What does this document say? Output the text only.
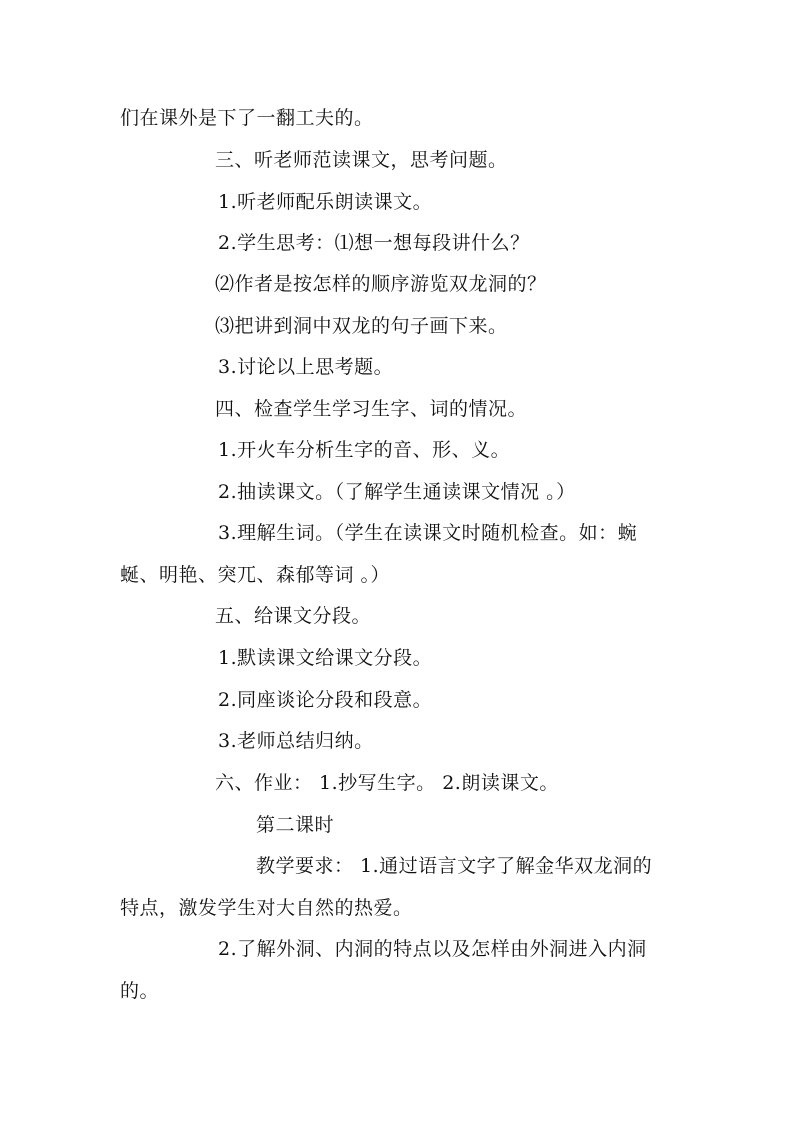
们在课外是下了一翻工夫的。
三、听老师范读课文，思考问题。
1.听老师配乐朗读课文。
2.学生思考：⑴想一想每段讲什么？
⑵作者是按怎样的顺序游览双龙洞的？
⑶把讲到洞中双龙的句子画下来。
3.讨论以上思考题。
四、检查学生学习生字、词的情况。
1.开火车分析生字的音、形、义。
2.抽读课文。（了解学生通读课文情况 。）
3.理解生词。（学生在读课文时随机检查。如：蜿
蜒、明艳、突兀、森郁等词 。）
五、给课文分段。
1.默读课文给课文分段。
2.同座谈论分段和段意。
3.老师总结归纳。
六、作业： 1.抄写生字。 2.朗读课文。
第二课时
教学要求： 1.通过语言文字了解金华双龙洞的
特点，激发学生对大自然的热爱。
2.了解外洞、内洞的特点以及怎样由外洞进入内洞
的。
